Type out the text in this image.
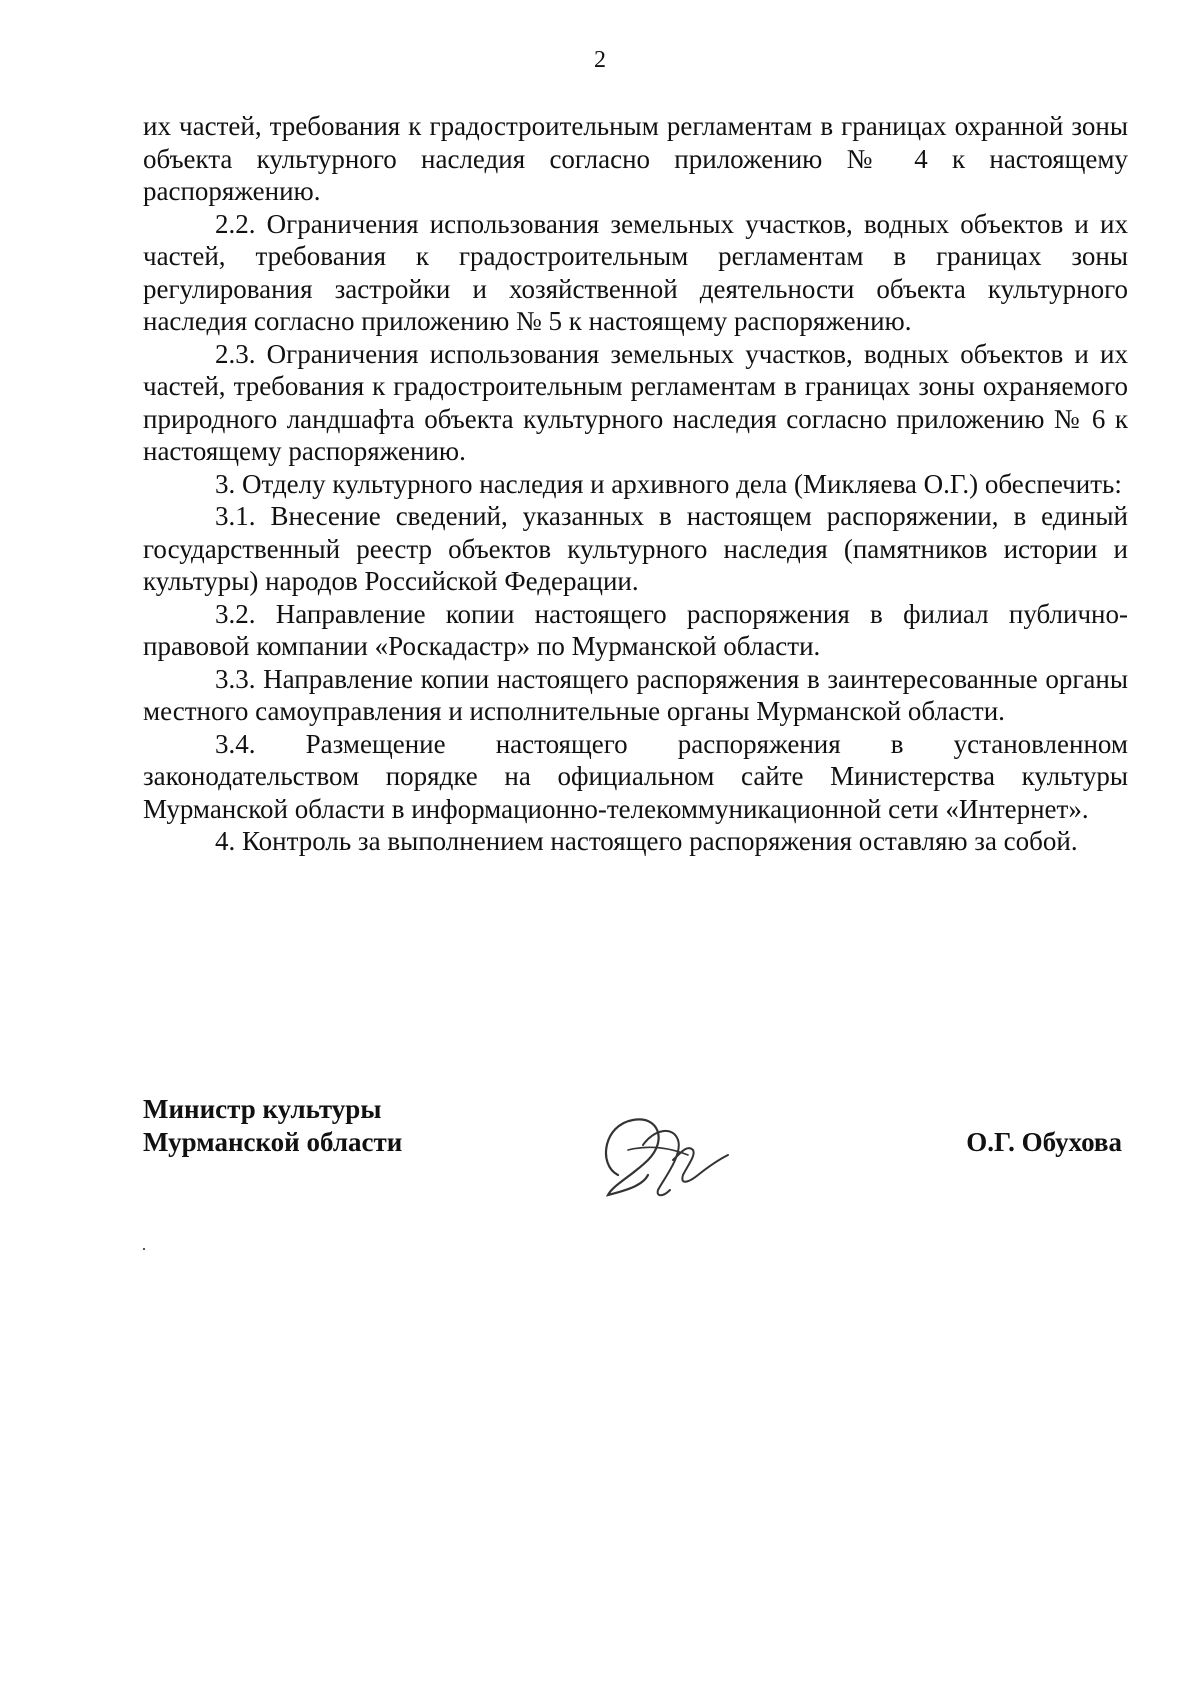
2

их частей, требования к градостроительным регламентам в границах охранной зоны объекта культурного наследия согласно приложению № 4 к настоящему распоряжению.

2.2. Ограничения использования земельных участков, водных объектов и их частей, требования к градостроительным регламентам в границах зоны регулирования застройки и хозяйственной деятельности объекта культурного наследия согласно приложению № 5 к настоящему распоряжению.

2.3. Ограничения использования земельных участков, водных объектов и их частей, требования к градостроительным регламентам в границах зоны охраняемого природного ландшафта объекта культурного наследия согласно приложению № 6 к настоящему распоряжению.

3. Отделу культурного наследия и архивного дела (Микляева О.Г.) обеспечить:

3.1. Внесение сведений, указанных в настоящем распоряжении, в единый государственный реестр объектов культурного наследия (памятников истории и культуры) народов Российской Федерации.

3.2. Направление копии настоящего распоряжения в филиал публично-правовой компании «Роскадастр» по Мурманской области.

3.3. Направление копии настоящего распоряжения в заинтересованные органы местного самоуправления и исполнительные органы Мурманской области.

3.4. Размещение настоящего распоряжения в установленном законодательством порядке на официальном сайте Министерства культуры Мурманской области в информационно-телекоммуникационной сети «Интернет».

4. Контроль за выполнением настоящего распоряжения оставляю за собой.

Министр культуры
Мурманской области	О.Г. Обухова
